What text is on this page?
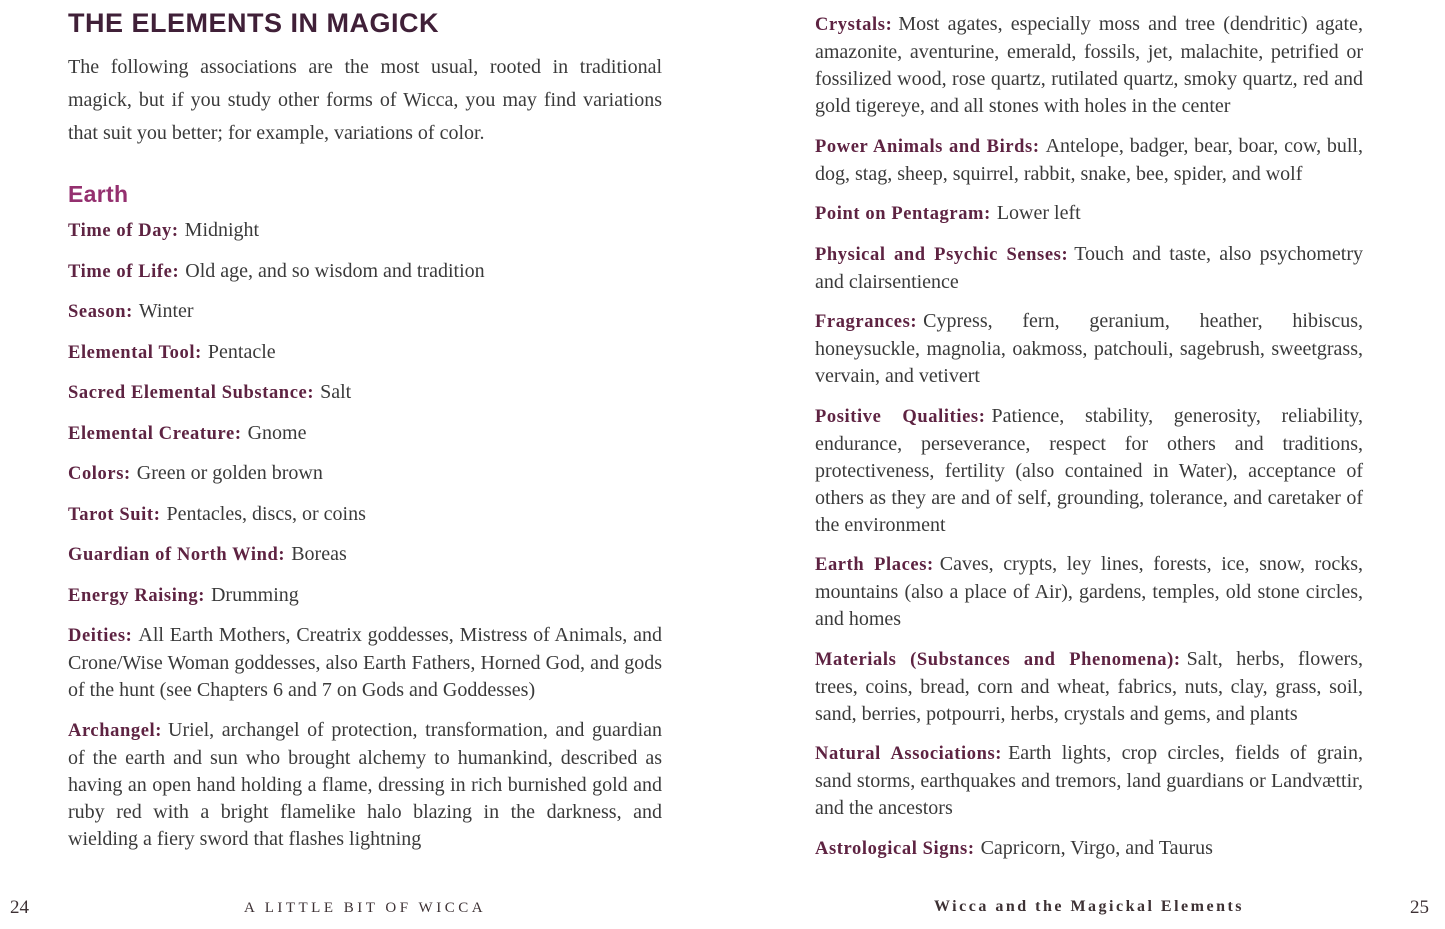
THE ELEMENTS IN MAGICK

The following associations are the most usual, rooted in traditional magick, but if you study other forms of Wicca, you may find variations that suit you better; for example, variations of color.

Earth

Time of Day : Midnight

Time of Life : Old age, and so wisdom and tradition

Season : Winter

Elemental Tool : Pentacle

Sacred Elemental Substance : Salt

Elemental Creature : Gnome

Colors : Green or golden brown

Tarot Suit : Pentacles, discs, or coins

Guardian of North Wind : Boreas

Energy Raising : Drumming

Deities : All Earth Mothers, Creatrix goddesses, Mistress of Animals, and Crone/Wise Woman goddesses, also Earth Fathers, Horned God, and gods of the hunt (see Chapters 6 and 7 on Gods and Goddesses)

Archangel : Uriel, archangel of protection, transformation, and guardian of the earth and sun who brought alchemy to humankind, described as having an open hand holding a flame, dressing in rich burnished gold and ruby red with a bright flamelike halo blazing in the darkness, and wielding a fiery sword that flashes lightning

Crystals : Most agates, especially moss and tree (dendritic) agate, amazonite, aventurine, emerald, fossils, jet, malachite, petrified or fossilized wood, rose quartz, rutilated quartz, smoky quartz, red and gold tigereye, and all stones with holes in the center

Power Animals and Birds : Antelope, badger, bear, boar, cow, bull, dog, stag, sheep, squirrel, rabbit, snake, bee, spider, and wolf

Point on Pentagram : Lower left

Physical and Psychic Senses : Touch and taste, also psychometry and clairsentience

Fragrances : Cypress, fern, geranium, heather, hibiscus, honeysuckle, magnolia, oakmoss, patchouli, sagebrush, sweetgrass, vervain, and vetivert

Positive Qualities : Patience, stability, generosity, reliability, endurance, perseverance, respect for others and traditions, protectiveness, fertility (also contained in Water), acceptance of others as they are and of self, grounding, tolerance, and caretaker of the environment

Earth Places : Caves, crypts, ley lines, forests, ice, snow, rocks, mountains (also a place of Air), gardens, temples, old stone circles, and homes

Materials (Substances and Phenomena) : Salt, herbs, flowers, trees, coins, bread, corn and wheat, fabrics, nuts, clay, grass, soil, sand, berries, potpourri, herbs, crystals and gems, and plants

Natural Associations : Earth lights, crop circles, fields of grain, sand storms, earthquakes and tremors, land guardians or Landvættir, and the ancestors

Astrological Signs : Capricorn, Virgo, and Taurus

24	A LITTLE BIT OF WICCA	Wicca and the Magickal Elements	25
